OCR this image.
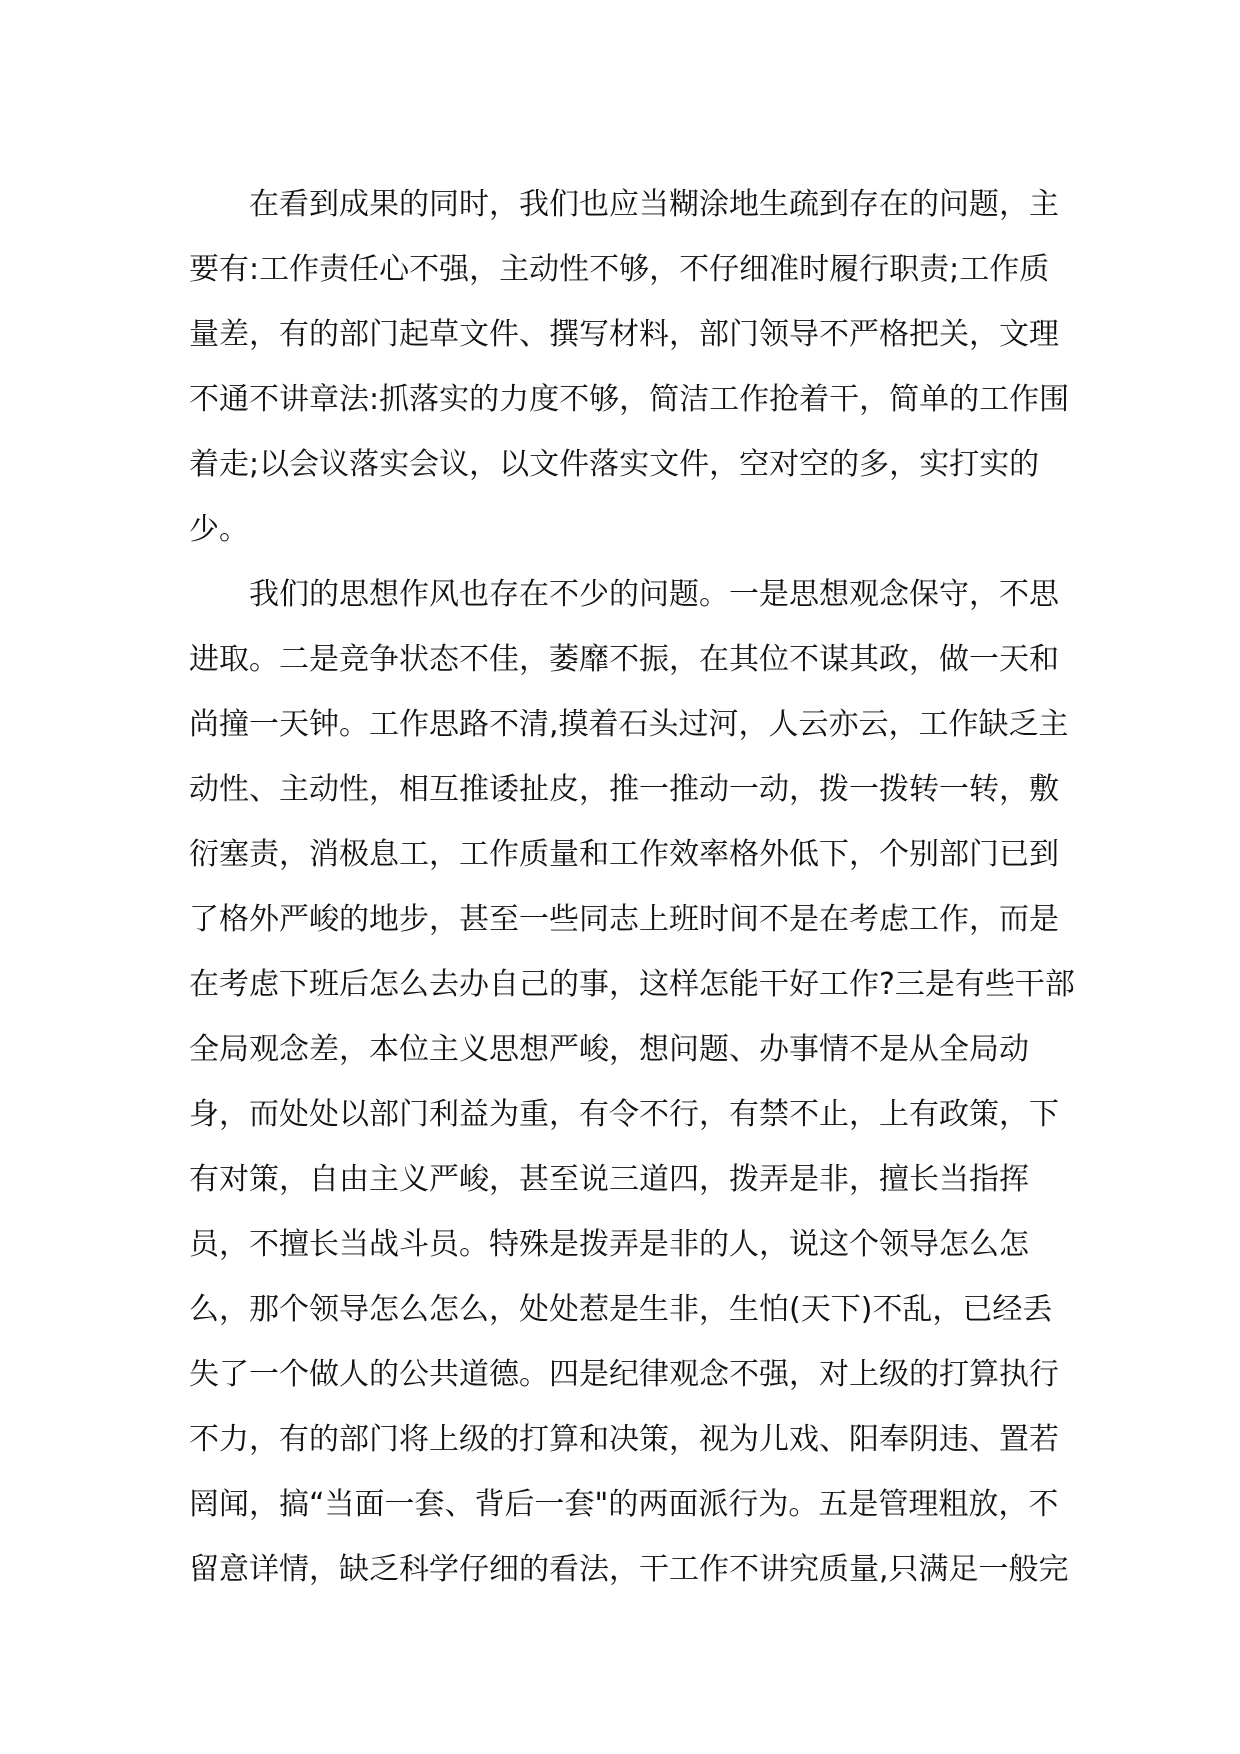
在看到成果的同时，我们也应当糊涂地生疏到存在的问题，主
要有:工作责任心不强，主动性不够，不仔细准时履行职责;工作质
量差，有的部门起草文件、撰写材料，部门领导不严格把关，文理
不通不讲章法:抓落实的力度不够，简洁工作抢着干，简单的工作围
着走;以会议落实会议，以文件落实文件，空对空的多，实打实的
少。
我们的思想作风也存在不少的问题。一是思想观念保守，不思
进取。二是竞争状态不佳，萎靡不振，在其位不谋其政，做一天和
尚撞一天钟。工作思路不清,摸着石头过河，人云亦云，工作缺乏主
动性、主动性，相互推诿扯皮，推一推动一动，拨一拨转一转，敷
衍塞责，消极息工，工作质量和工作效率格外低下，个别部门已到
了格外严峻的地步，甚至一些同志上班时间不是在考虑工作，而是
在考虑下班后怎么去办自己的事，这样怎能干好工作?三是有些干部
全局观念差，本位主义思想严峻，想问题、办事情不是从全局动
身，而处处以部门利益为重，有令不行，有禁不止，上有政策，下
有对策，自由主义严峻，甚至说三道四，拨弄是非，擅长当指挥
员，不擅长当战斗员。特殊是拨弄是非的人，说这个领导怎么怎
么，那个领导怎么怎么，处处惹是生非，生怕(天下)不乱，已经丢
失了一个做人的公共道德。四是纪律观念不强，对上级的打算执行
不力，有的部门将上级的打算和决策，视为儿戏、阳奉阴违、置若
罔闻，搞“当面一套、背后一套"的两面派行为。五是管理粗放，不
留意详情，缺乏科学仔细的看法，干工作不讲究质量,只满足一般完
